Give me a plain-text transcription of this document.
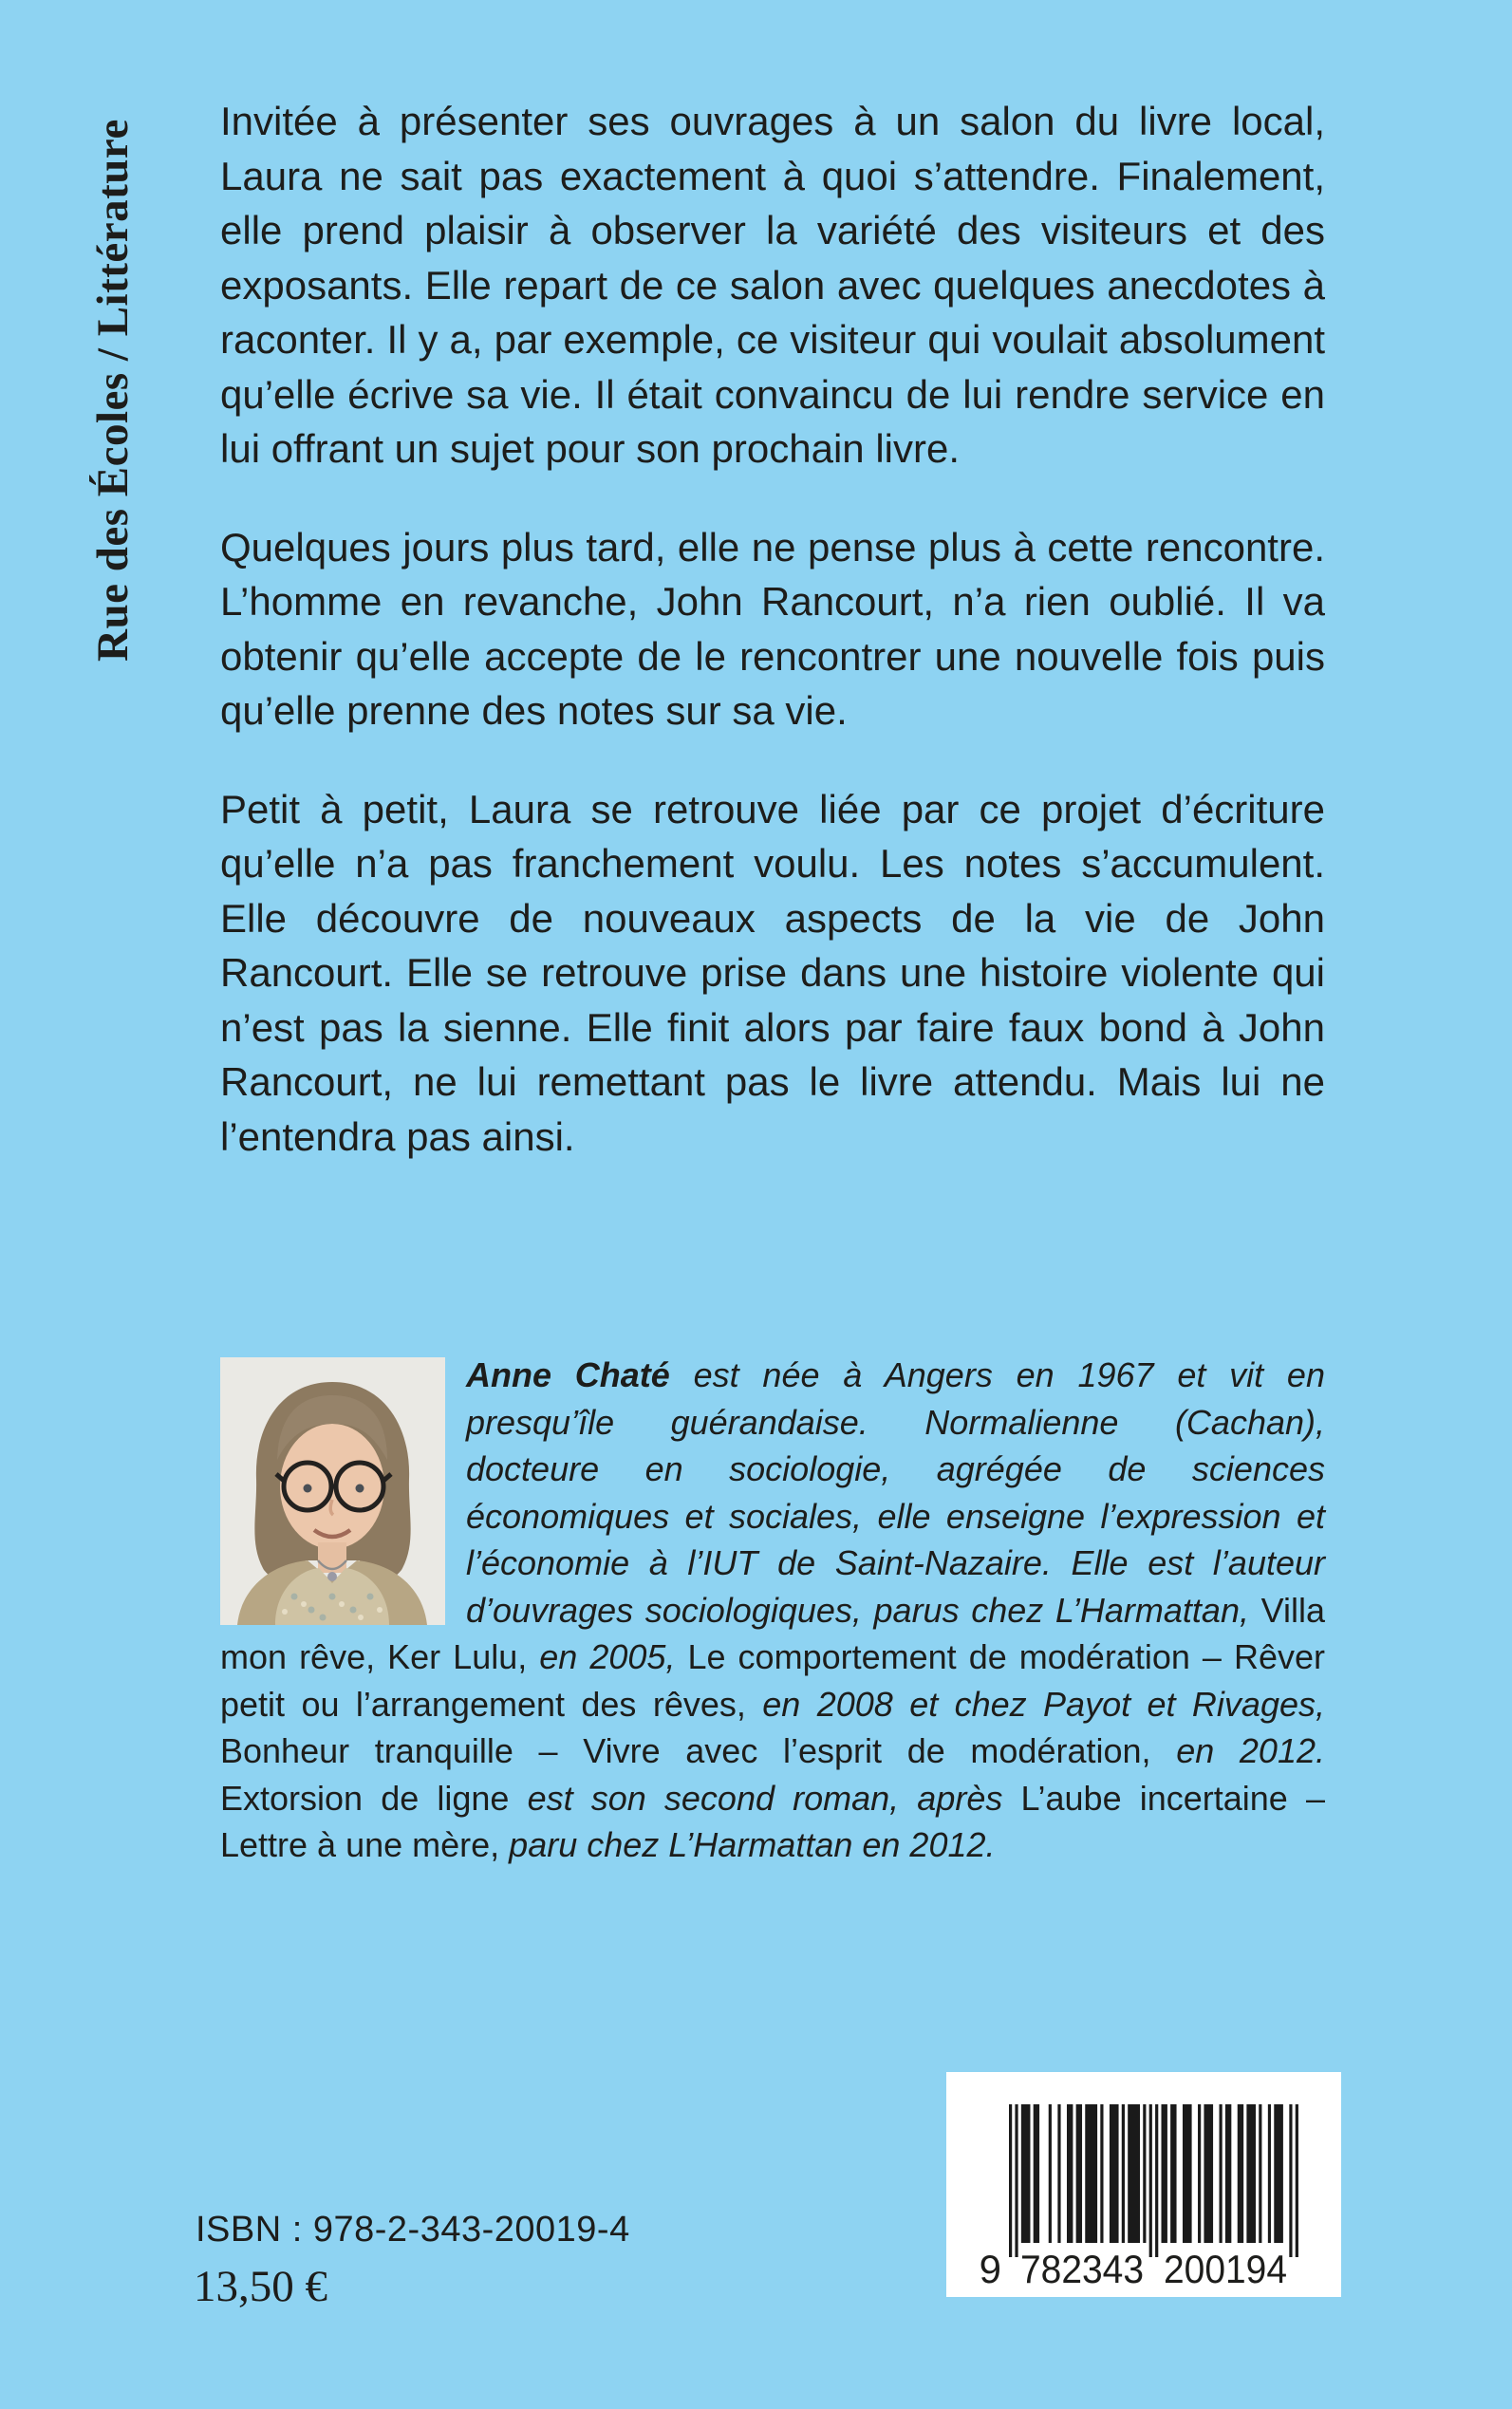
Rue des Écoles / Littérature Invitée à présenter ses ouvrages à un salon du livre local, Laura ne sait pas exactement à quoi s’attendre. Finalement, elle prend plaisir à observer la variété des visiteurs et des exposants. Elle repart de ce salon avec quelques anecdotes à raconter. Il y a, par exemple, ce visiteur qui voulait absolument qu’elle écrive sa vie. Il était convaincu de lui rendre service en lui offrant un sujet pour son prochain livre.

Quelques jours plus tard, elle ne pense plus à cette rencontre. L’homme en revanche, John Rancourt, n’a rien oublié. Il va obtenir qu’elle accepte de le rencontrer une nouvelle fois puis qu’elle prenne des notes sur sa vie.

Petit à petit, Laura se retrouve liée par ce projet d’écriture qu’elle n’a pas franchement voulu. Les notes s’accumulent. Elle découvre de nouveaux aspects de la vie de John Rancourt. Elle se retrouve prise dans une histoire violente qui n’est pas la sienne. Elle finit alors par faire faux bond à John Rancourt, ne lui remettant pas le livre attendu. Mais lui ne l’entendra pas ainsi.

Anne Chaté est née à Angers en 1967 et vit en presqu’île guérandaise. Normalienne (Cachan), docteure en sociologie, agrégée de sciences économiques et sociales, elle enseigne l’expression et l’économie à l’IUT de Saint-Nazaire. Elle est l’auteur d’ouvrages sociologiques, parus chez L’Harmattan, Villa mon rêve, Ker Lulu, en 2005, Le comportement de modération – Rêver petit ou l’arrangement des rêves, en 2008 et chez Payot et Rivages, Bonheur tranquille – Vivre avec l’esprit de modération, en 2012. Extorsion de ligne est son second roman, après L’aube incertaine – Lettre à une mère, paru chez L’Harmattan en 2012.
ISBN : 978-2-343-20019-4
13,50 €	9 782343 200194
